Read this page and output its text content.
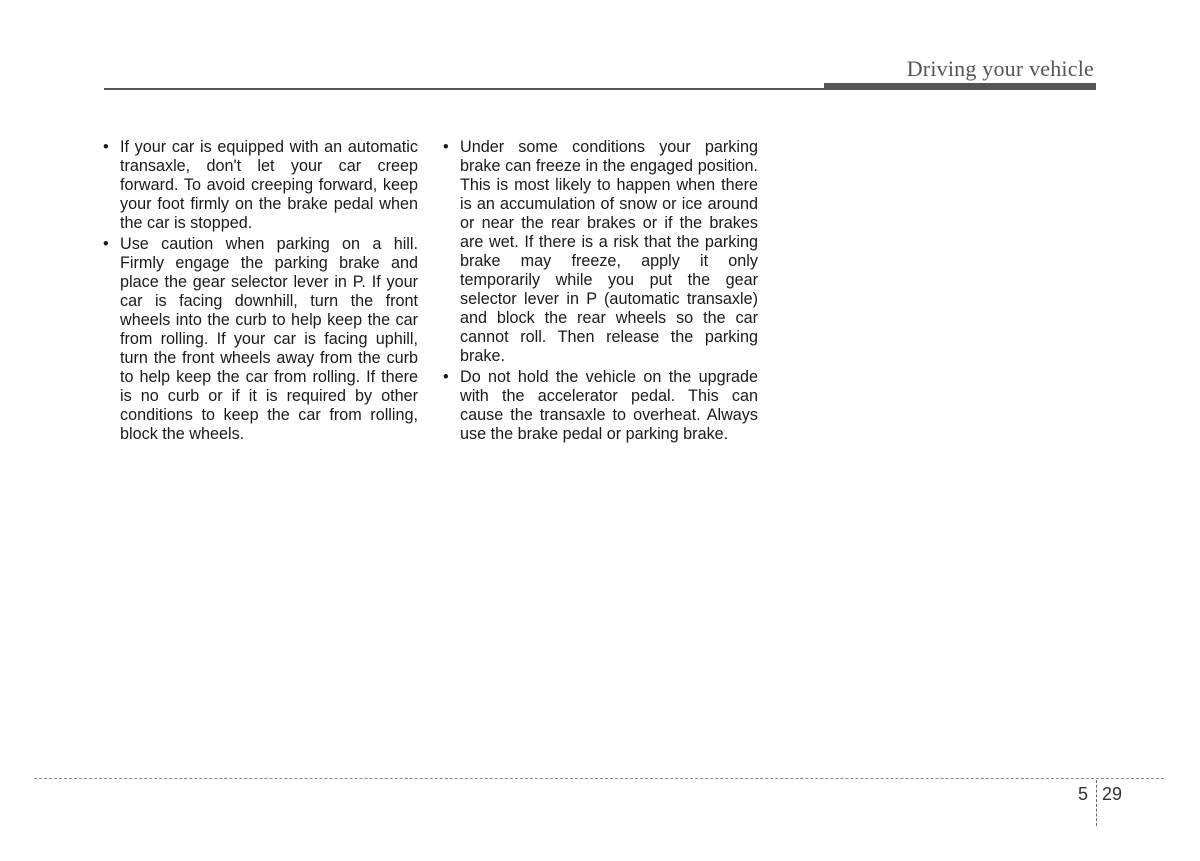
Driving your vehicle
• If your car is equipped with an automatic transaxle, don't let your car creep forward. To avoid creeping forward, keep your foot firmly on the brake pedal when the car is stopped.
• Use caution when parking on a hill. Firmly engage the parking brake and place the gear selector lever in P. If your car is facing downhill, turn the front wheels into the curb to help keep the car from rolling. If your car is facing uphill, turn the front wheels away from the curb to help keep the car from rolling. If there is no curb or if it is required by other conditions to keep the car from rolling, block the wheels.
• Under some conditions your parking brake can freeze in the engaged position. This is most likely to happen when there is an accumulation of snow or ice around or near the rear brakes or if the brakes are wet. If there is a risk that the parking brake may freeze, apply it only temporarily while you put the gear selector lever in P (automatic transaxle) and block the rear wheels so the car cannot roll. Then release the parking brake.
• Do not hold the vehicle on the upgrade with the accelerator pedal. This can cause the transaxle to overheat. Always use the brake pedal or parking brake.
5 29
